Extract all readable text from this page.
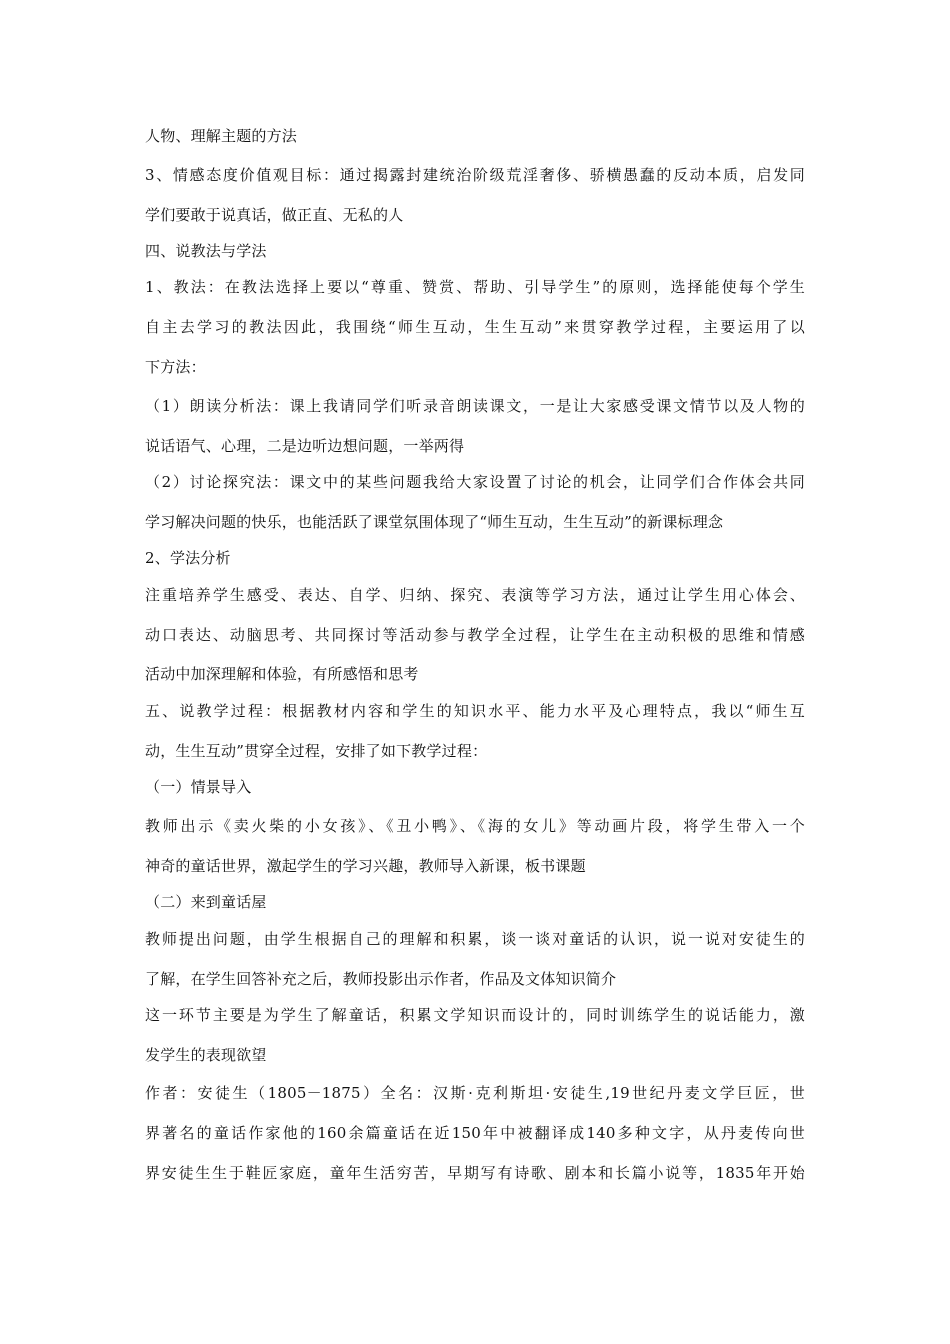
人物、理解主题的方法
3、情感态度价值观目标：通过揭露封建统治阶级荒淫奢侈、骄横愚蠢的反动本质，启发同
学们要敢于说真话，做正直、无私的人
四、说教法与学法
1、教法：在教法选择上要以“尊重、赞赏、帮助、引导学生”的原则，选择能使每个学生
自主去学习的教法因此，我围绕“师生互动，生生互动”来贯穿教学过程，主要运用了以
下方法：
（1）朗读分析法：课上我请同学们听录音朗读课文，一是让大家感受课文情节以及人物的
说话语气、心理，二是边听边想问题，一举两得
（2）讨论探究法：课文中的某些问题我给大家设置了讨论的机会，让同学们合作体会共同
学习解决问题的快乐，也能活跃了课堂氛围体现了“师生互动，生生互动”的新课标理念
2、学法分析
注重培养学生感受、表达、自学、归纳、探究、表演等学习方法，通过让学生用心体会、
动口表达、动脑思考、共同探讨等活动参与教学全过程，让学生在主动积极的思维和情感
活动中加深理解和体验，有所感悟和思考
五、说教学过程：根据教材内容和学生的知识水平、能力水平及心理特点，我以“师生互
动，生生互动”贯穿全过程，安排了如下教学过程：
（一）情景导入
教师出示《卖火柴的小女孩》、《丑小鸭》、《海的女儿》等动画片段，将学生带入一个
神奇的童话世界，激起学生的学习兴趣，教师导入新课，板书课题
（二）来到童话屋
教师提出问题，由学生根据自己的理解和积累，谈一谈对童话的认识，说一说对安徒生的
了解，在学生回答补充之后，教师投影出示作者，作品及文体知识简介
这一环节主要是为学生了解童话，积累文学知识而设计的，同时训练学生的说话能力，激
发学生的表现欲望
作者：安徒生（1805－1875）全名：汉斯·克利斯坦·安徒生,19世纪丹麦文学巨匠，世
界著名的童话作家他的160余篇童话在近150年中被翻译成140多种文字，从丹麦传向世
界安徒生生于鞋匠家庭，童年生活穷苦，早期写有诗歌、剧本和长篇小说等，1835年开始
